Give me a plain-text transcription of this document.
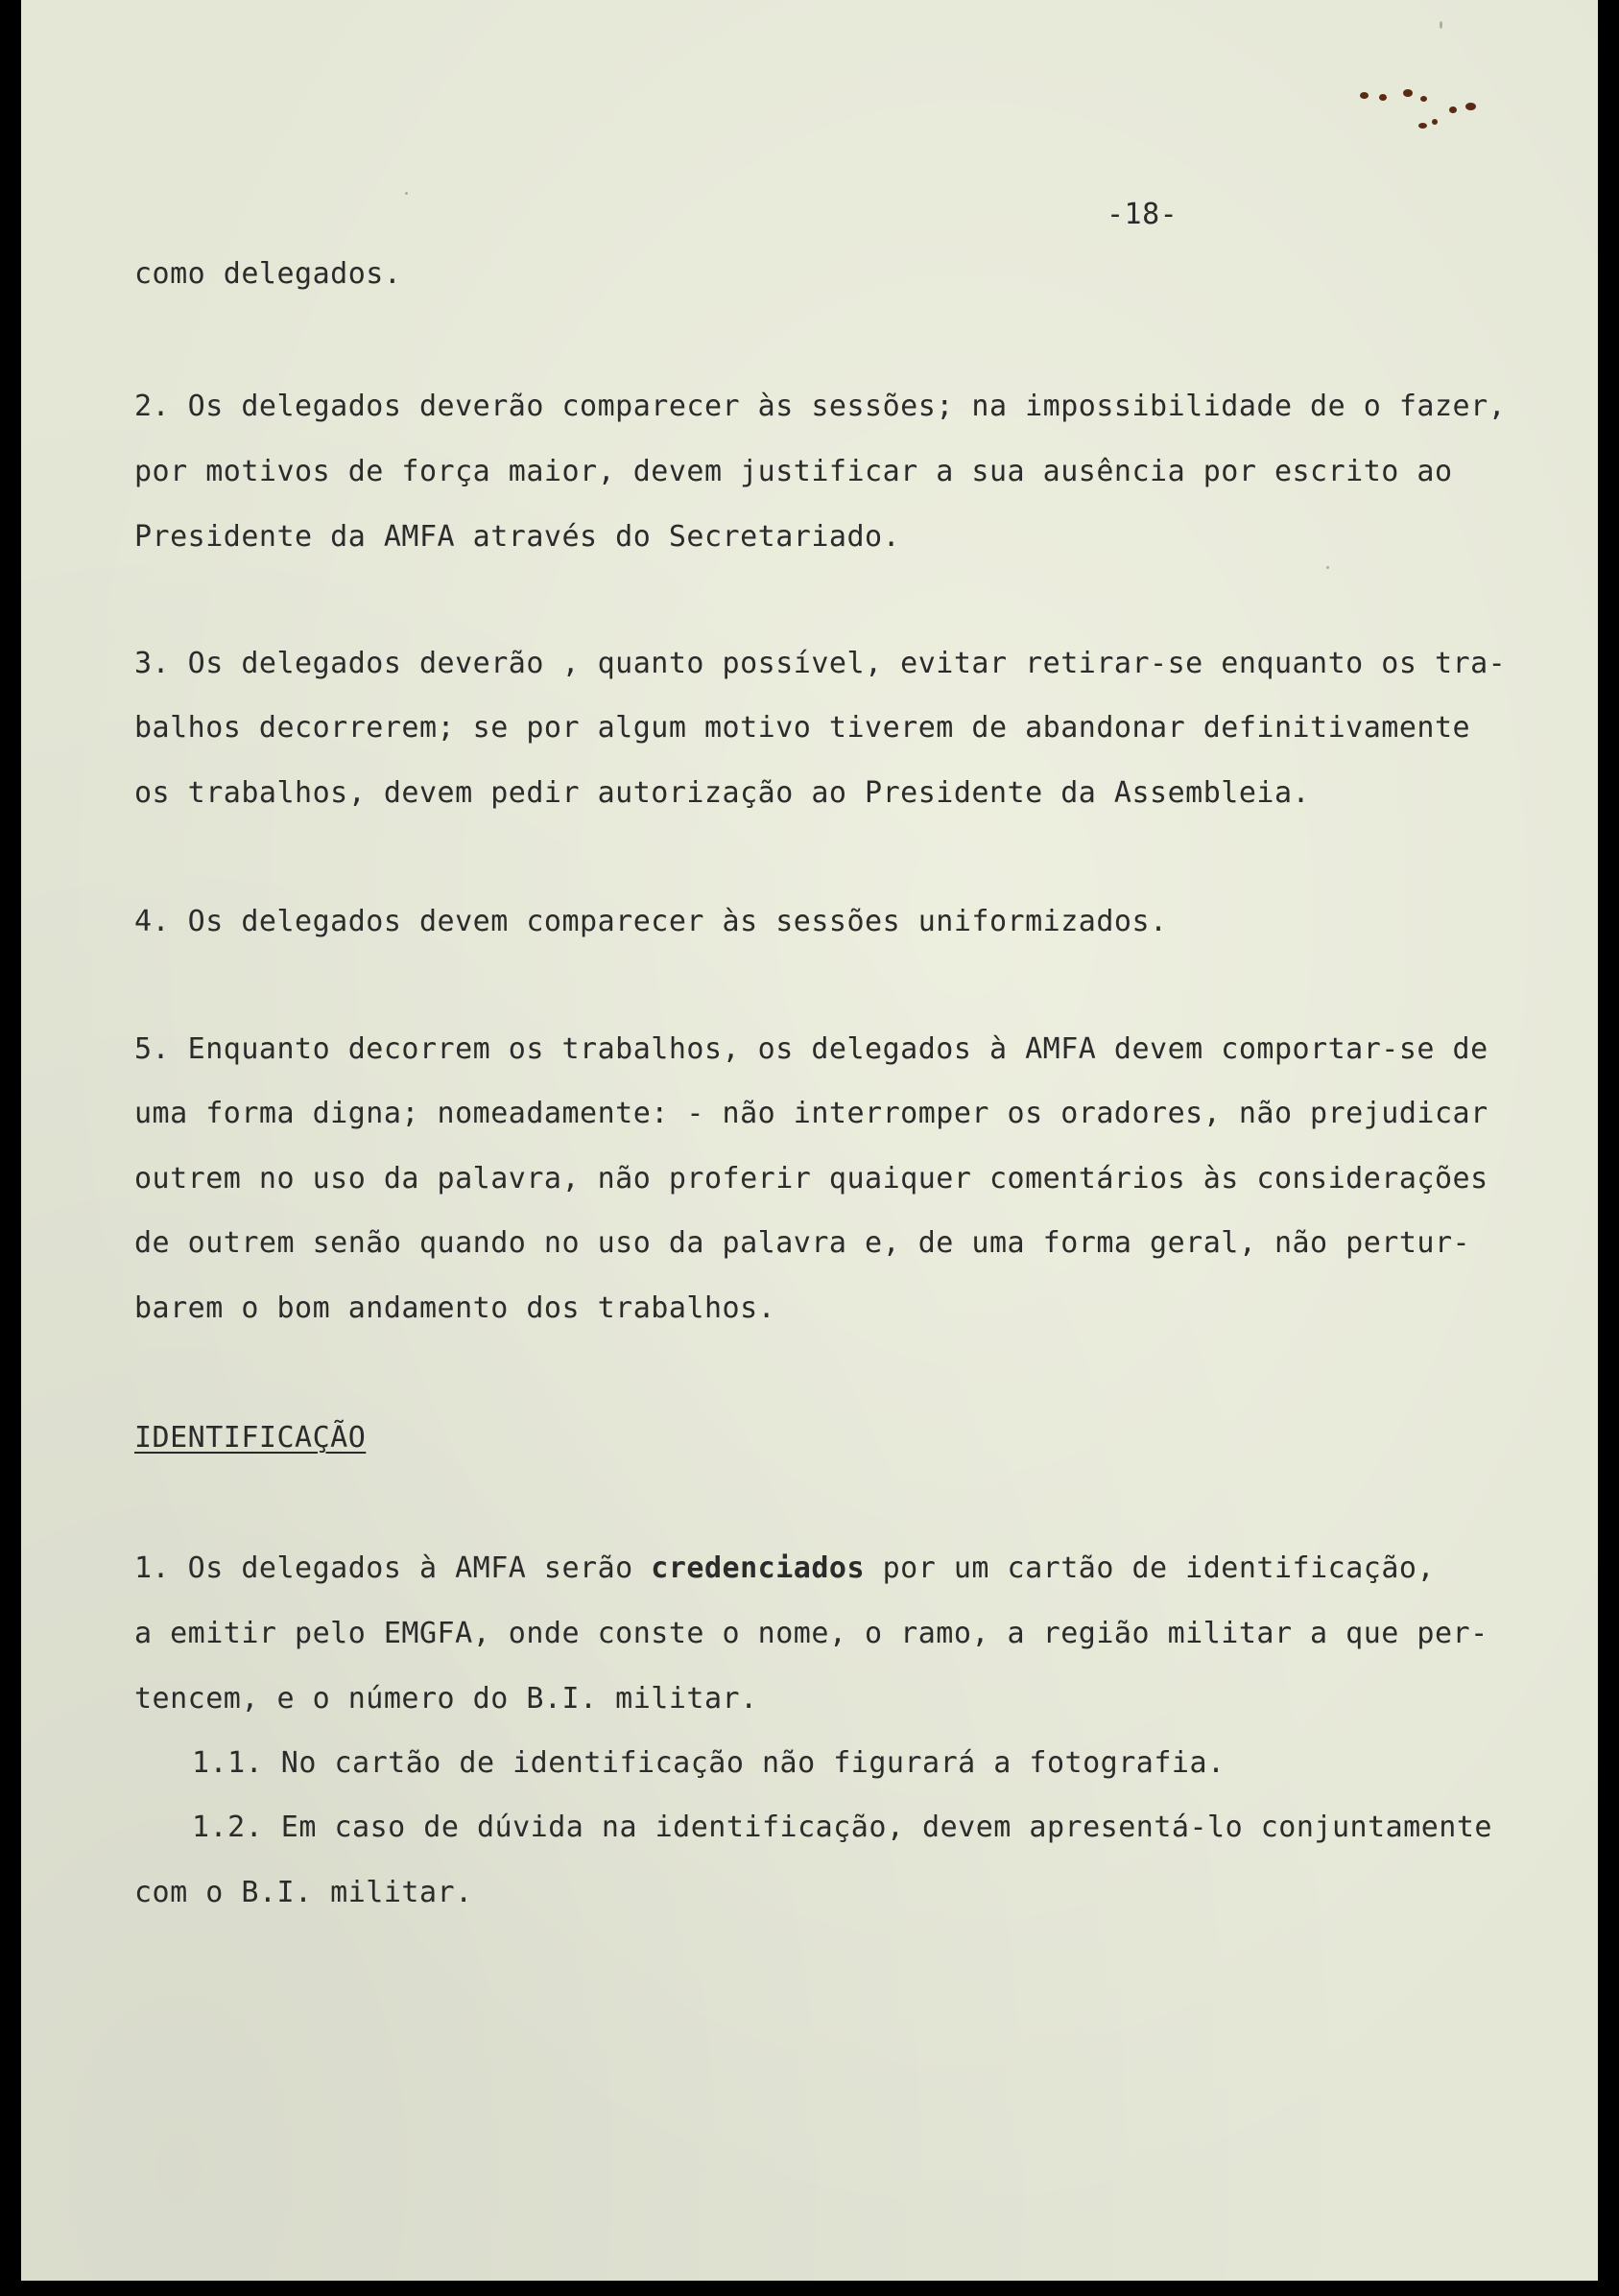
-18-
como delegados.
2. Os delegados deverão comparecer às sessões; na impossibilidade de o fazer,
por motivos de força maior, devem justificar a sua ausência por escrito ao
Presidente da AMFA através do Secretariado.
3. Os delegados deverão , quanto possível, evitar retirar-se enquanto os tra-
balhos decorrerem; se por algum motivo tiverem de abandonar definitivamente
os trabalhos, devem pedir autorização ao Presidente da Assembleia.
4. Os delegados devem comparecer às sessões uniformizados.
5. Enquanto decorrem os trabalhos, os delegados à AMFA devem comportar-se de
uma forma digna; nomeadamente: - não interromper os oradores, não prejudicar
outrem no uso da palavra, não proferir quaiquer comentários às considerações
de outrem senão quando no uso da palavra e, de uma forma geral, não pertur-
barem o bom andamento dos trabalhos.
IDENTIFICAÇÃO
1. Os delegados à AMFA serão credenciados por um cartão de identificação,
a emitir pelo EMGFA, onde conste o nome, o ramo, a região militar a que per-
tencem, e o número do B.I. militar.
1.1. No cartão de identificação não figurará a fotografia.
1.2. Em caso de dúvida na identificação, devem apresentá-lo conjuntamente
com o B.I. militar.
